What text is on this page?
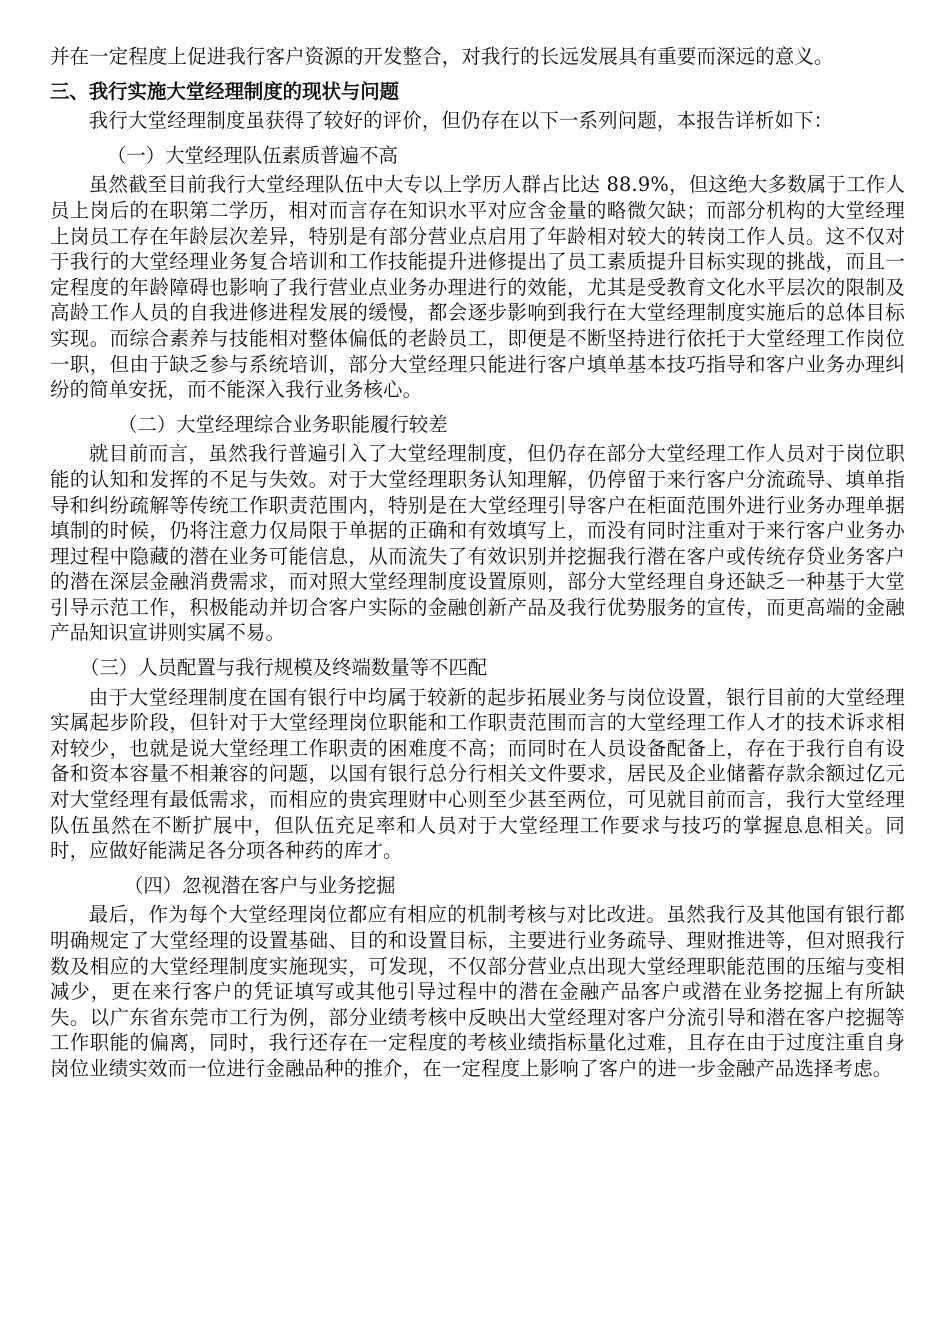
并在一定程度上促进我行客户资源的开发整合，对我行的长远发展具有重要而深远的意义。

三、我行实施大堂经理制度的现状与问题

我行大堂经理制度虽获得了较好的评价，但仍存在以下一系列问题，本报告详析如下：

（一）大堂经理队伍素质普遍不高

虽然截至目前我行大堂经理队伍中大专以上学历人群占比达 88.9%，但这绝大多数属于工作人员上岗后的在职第二学历，相对而言存在知识水平对应含金量的略微欠缺；而部分机构的大堂经理上岗员工存在年龄层次差异，特别是有部分营业点启用了年龄相对较大的转岗工作人员。这不仅对于我行的大堂经理业务复合培训和工作技能提升进修提出了员工素质提升目标实现的挑战，而且一定程度的年龄障碍也影响了我行营业点业务办理进行的效能，尤其是受教育文化水平层次的限制及高龄工作人员的自我进修进程发展的缓慢，都会逐步影响到我行在大堂经理制度实施后的总体目标实现。而综合素养与技能相对整体偏低的老龄员工，即便是不断坚持进行依托于大堂经理工作岗位一职，但由于缺乏参与系统培训，部分大堂经理只能进行客户填单基本技巧指导和客户业务办理纠纷的简单安抚，而不能深入我行业务核心。

（二）大堂经理综合业务职能履行较差

就目前而言，虽然我行普遍引入了大堂经理制度，但仍存在部分大堂经理工作人员对于岗位职能的认知和发挥的不足与失效。对于大堂经理职务认知理解，仍停留于来行客户分流疏导、填单指导和纠纷疏解等传统工作职责范围内，特别是在大堂经理引导客户在柜面范围外进行业务办理单据填制的时候，仍将注意力仅局限于单据的正确和有效填写上，而没有同时注重对于来行客户业务办理过程中隐藏的潜在业务可能信息，从而流失了有效识别并挖掘我行潜在客户或传统存贷业务客户的潜在深层金融消费需求，而对照大堂经理制度设置原则，部分大堂经理自身还缺乏一种基于大堂引导示范工作，积极能动并切合客户实际的金融创新产品及我行优势服务的宣传，而更高端的金融产品知识宣讲则实属不易。

（三）人员配置与我行规模及终端数量等不匹配

由于大堂经理制度在国有银行中均属于较新的起步拓展业务与岗位设置，银行目前的大堂经理实属起步阶段，但针对于大堂经理岗位职能和工作职责范围而言的大堂经理工作人才的技术诉求相对较少，也就是说大堂经理工作职责的困难度不高；而同时在人员设备配备上，存在于我行自有设备和资本容量不相兼容的问题，以国有银行总分行相关文件要求，居民及企业储蓄存款余额过亿元对大堂经理有最低需求，而相应的贵宾理财中心则至少甚至两位，可见就目前而言，我行大堂经理队伍虽然在不断扩展中，但队伍充足率和人员对于大堂经理工作要求与技巧的掌握息息相关。同时，应做好能满足各分项各种药的库才。

（四）忽视潜在客户与业务挖掘

最后，作为每个大堂经理岗位都应有相应的机制考核与对比改进。虽然我行及其他国有银行都明确规定了大堂经理的设置基础、目的和设置目标，主要进行业务疏导、理财推进等，但对照我行数及相应的大堂经理制度实施现实，可发现，不仅部分营业点出现大堂经理职能范围的压缩与变相减少，更在来行客户的凭证填写或其他引导过程中的潜在金融产品客户或潜在业务挖掘上有所缺失。以广东省东莞市工行为例，部分业绩考核中反映出大堂经理对客户分流引导和潜在客户挖掘等工作职能的偏离，同时，我行还存在一定程度的考核业绩指标量化过难，且存在由于过度注重自身岗位业绩实效而一位进行金融品种的推介，在一定程度上影响了客户的进一步金融产品选择考虑。
